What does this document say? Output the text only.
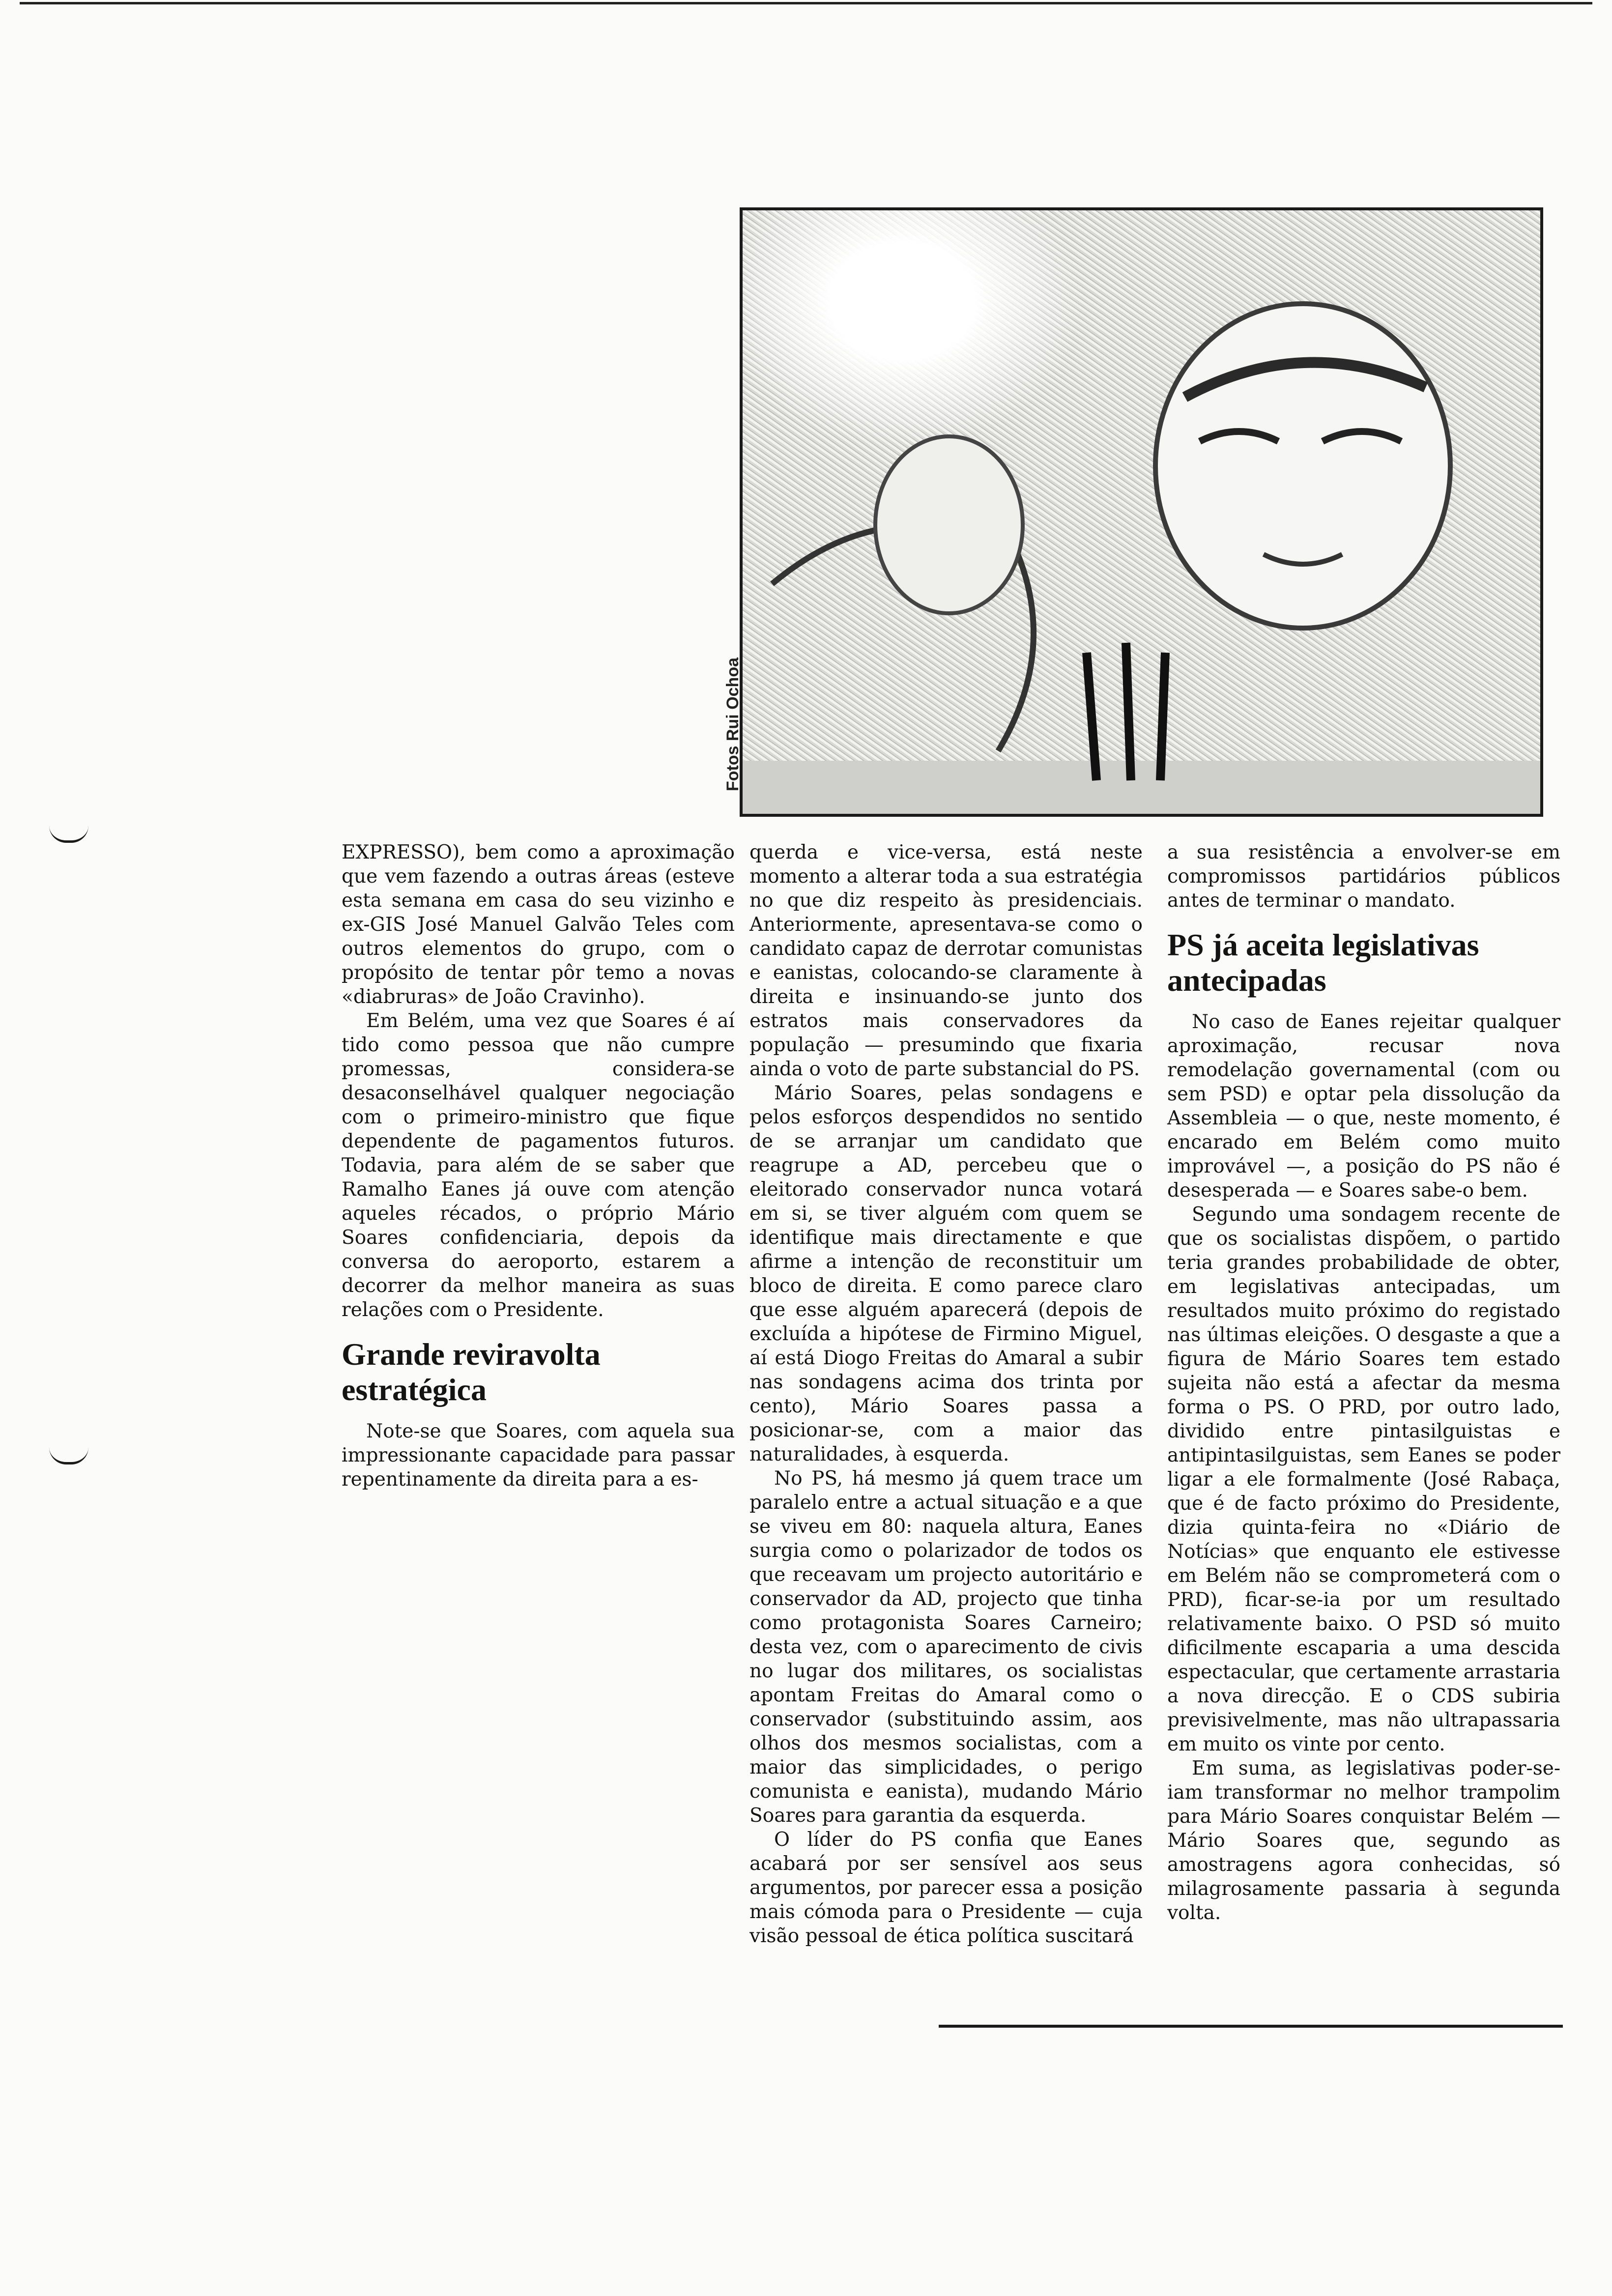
Fotos Rui Ochoa

EXPRESSO), bem como a aproximação que vem fazendo a outras áreas (esteve esta semana em casa do seu vizinho e ex-GIS José Manuel Galvão Teles com outros elementos do grupo, com o propósito de tentar pôr temo a novas «diabruras» de João Cravinho).

Em Belém, uma vez que Soares é aí tido como pessoa que não cumpre promessas, considera-se desaconselhável qualquer negociação com o primeiro-ministro que fique dependente de pagamentos futuros. Todavia, para além de se saber que Ramalho Eanes já ouve com atenção aqueles récados, o próprio Mário Soares confidenciaria, depois da conversa do aeroporto, estarem a decorrer da melhor maneira as suas relações com o Presidente.

Grande reviravolta estratégica

Note-se que Soares, com aquela sua impressionante capacidade para passar repentinamente da direita para a es-

querda e vice-versa, está neste momento a alterar toda a sua estratégia no que diz respeito às presidenciais. Anteriormente, apresentava-se como o candidato capaz de derrotar comunistas e eanistas, colocando-se claramente à direita e insinuando-se junto dos estratos mais conservadores da população — presumindo que fixaria ainda o voto de parte substancial do PS.

Mário Soares, pelas sondagens e pelos esforços despendidos no sentido de se arranjar um candidato que reagrupe a AD, percebeu que o eleitorado conservador nunca votará em si, se tiver alguém com quem se identifique mais directamente e que afirme a intenção de reconstituir um bloco de direita. E como parece claro que esse alguém aparecerá (depois de excluída a hipótese de Firmino Miguel, aí está Diogo Freitas do Amaral a subir nas sondagens acima dos trinta por cento), Mário Soares passa a posicionar-se, com a maior das naturalidades, à esquerda.

No PS, há mesmo já quem trace um paralelo entre a actual situação e a que se viveu em 80: naquela altura, Eanes surgia como o polarizador de todos os que receavam um projecto autoritário e conservador da AD, projecto que tinha como protagonista Soares Carneiro; desta vez, com o aparecimento de civis no lugar dos militares, os socialistas apontam Freitas do Amaral como o conservador (substituindo assim, aos olhos dos mesmos socialistas, com a maior das simplicidades, o perigo comunista e eanista), mudando Mário Soares para garantia da esquerda.

O líder do PS confia que Eanes acabará por ser sensível aos seus argumentos, por parecer essa a posição mais cómoda para o Presidente — cuja visão pessoal de ética política suscitará

a sua resistência a envolver-se em compromissos partidários públicos antes de terminar o mandato.

PS já aceita legislativas antecipadas

No caso de Eanes rejeitar qualquer aproximação, recusar nova remodelação governamental (com ou sem PSD) e optar pela dissolução da Assembleia — o que, neste momento, é encarado em Belém como muito improvável —, a posição do PS não é desesperada — e Soares sabe-o bem.

Segundo uma sondagem recente de que os socialistas dispõem, o partido teria grandes probabilidade de obter, em legislativas antecipadas, um resultados muito próximo do registado nas últimas eleições. O desgaste a que a figura de Mário Soares tem estado sujeita não está a afectar da mesma forma o PS. O PRD, por outro lado, dividido entre pintasilguistas e antipintasilguistas, sem Eanes se poder ligar a ele formalmente (José Rabaça, que é de facto próximo do Presidente, dizia quinta-feira no «Diário de Notícias» que enquanto ele estivesse em Belém não se comprometerá com o PRD), ficar-se-ia por um resultado relativamente baixo. O PSD só muito dificilmente escaparia a uma descida espectacular, que certamente arrastaria a nova direcção. E o CDS subiria previsivelmente, mas não ultrapassaria em muito os vinte por cento.

Em suma, as legislativas poder-se-iam transformar no melhor trampolim para Mário Soares conquistar Belém — Mário Soares que, segundo as amostragens agora conhecidas, só milagrosamente passaria à segunda volta.
